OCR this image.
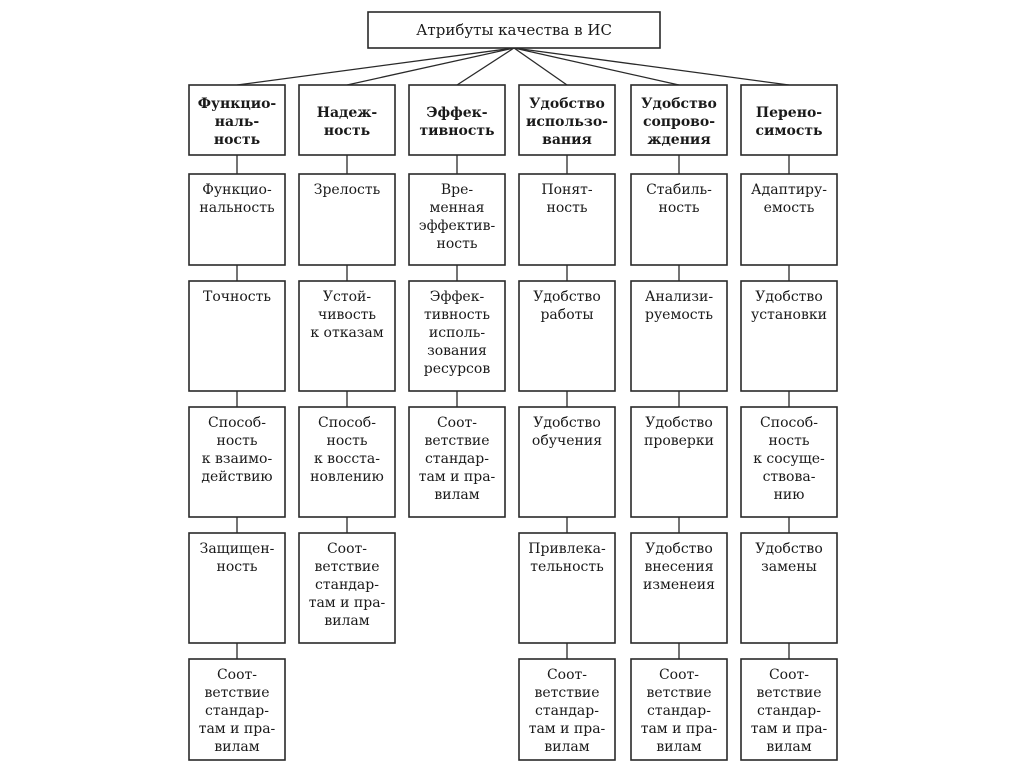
Атрибуты качества в ИС
Функцио-
наль-
ность
Функцио-
нальность
Точность
Способ-
ность
к взаимо-
действию
Защищен-
ность
Соот-
ветствие
стандар-
там и пра-
вилам
Надеж-
ность
Зрелость
Устой-
чивость
к отказам
Способ-
ность
к восста-
новлению
Соот-
ветствие
стандар-
там и пра-
вилам
Эффек-
тивность
Вре-
менная
эффектив-
ность
Эффек-
тивность
исполь-
зования
ресурсов
Соот-
ветствие
стандар-
там и пра-
вилам
Удобство
использо-
вания
Понят-
ность
Удобство
работы
Удобство
обучения
Привлека-
тельность
Соот-
ветствие
стандар-
там и пра-
вилам
Удобство
сопрово-
ждения
Стабиль-
ность
Анализи-
руемость
Удобство
проверки
Удобство
внесения
изменеия
Соот-
ветствие
стандар-
там и пра-
вилам
Перено-
симость
Адаптиру-
емость
Удобство
установки
Способ-
ность
к сосуще-
ствова-
нию
Удобство
замены
Соот-
ветствие
стандар-
там и пра-
вилам
